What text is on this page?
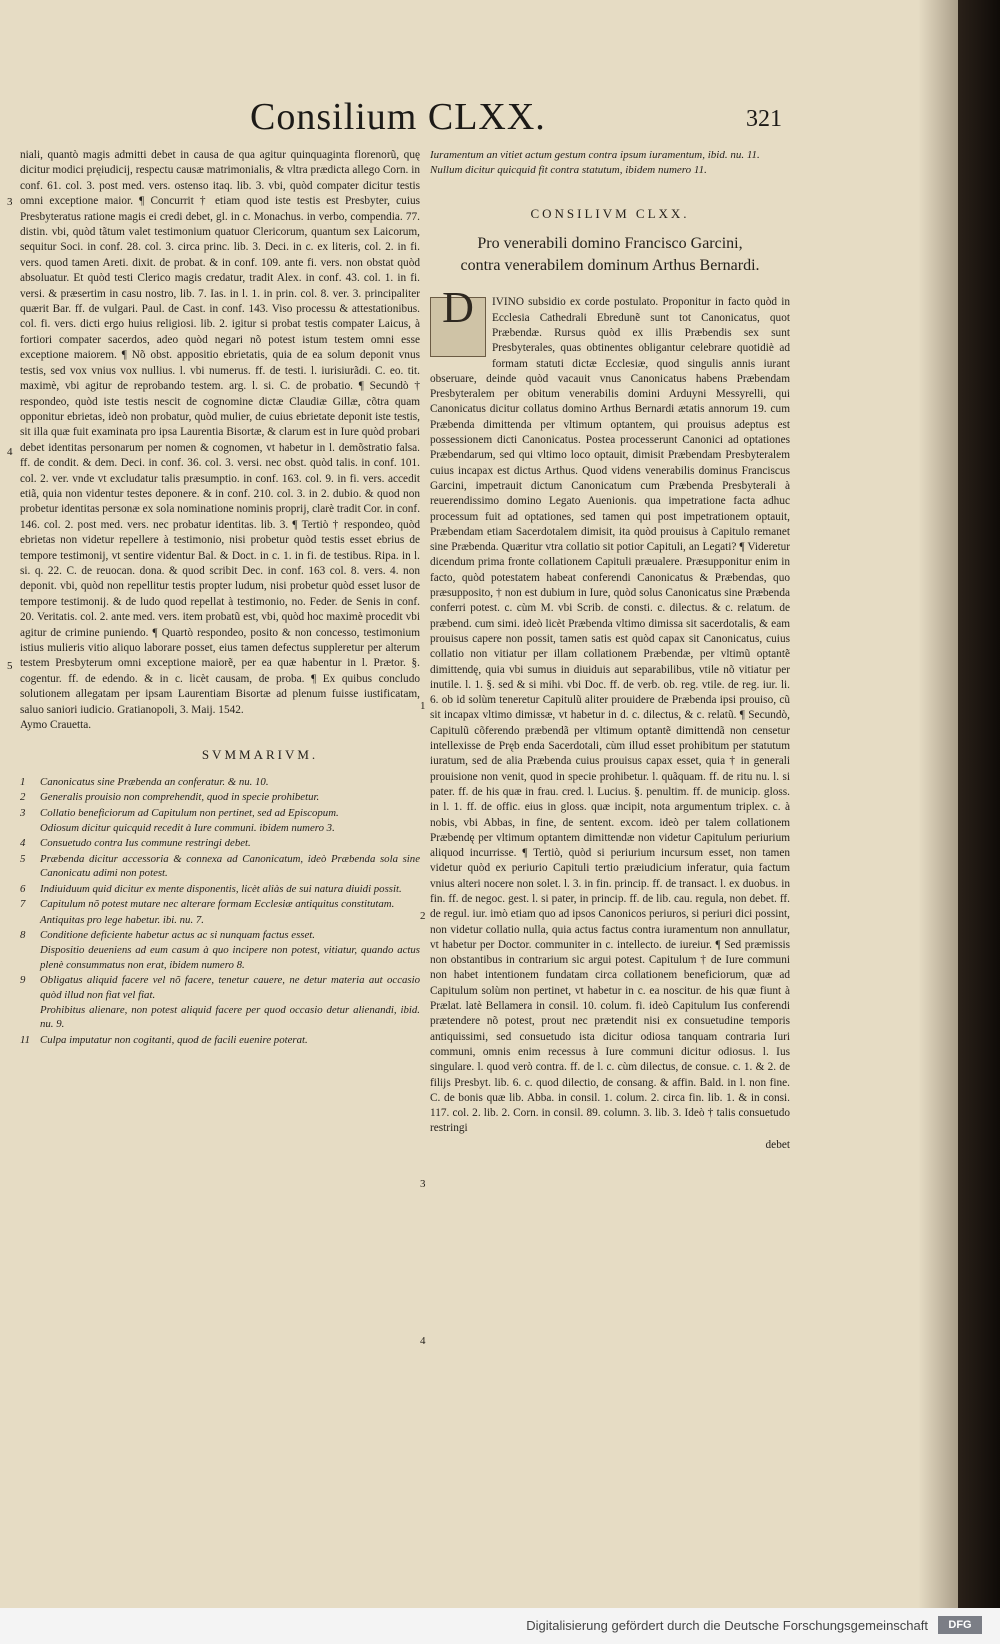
Consilium CLXX.	321

niali, quantò magis admitti debet in causa de qua agitur quinquaginta florenorũ, quę dicitur modici pręiudicij, respectu causæ matrimonialis, & vltra prædicta allego Corn. in conf. 61. col. 3. post med. vers. ostenso itaq. lib. 3. vbi, quòd compater dicitur testis omni exceptione maior. ¶ Concurrit † etiam quod iste testis est Presbyter, cuius Presbyteratus ratione magis ei credi debet, gl. in c. Monachus. in verbo, compendia. 77. distin. vbi, quòd tãtum valet testimonium quatuor Clericorum, quantum sex Laicorum, sequitur Soci. in conf. 28. col. 3. circa princ. lib. 3. Deci. in c. ex literis, col. 2. in fi. vers. quod tamen Areti. dixit. de probat. & in conf. 109. ante fi. vers. non obstat quòd absoluatur. Et quòd testi Clerico magis credatur, tradit Alex. in conf. 43. col. 1. in fi. versi. & præsertim in casu nostro, lib. 7. Ias. in l. 1. in prin. col. 8. ver. 3. principaliter quærit Bar. ff. de vulgari. Paul. de Cast. in conf. 143. Viso processu & attestationibus. col. fi. vers. dicti ergo huius religiosi. lib. 2. igitur si probat testis compater Laicus, à fortiori compater sacerdos, adeo quòd negari nõ potest istum testem omni esse exceptione maiorem. ¶ Nõ obst. appositio ebrietatis, quia de ea solum deponit vnus testis, sed vox vnius vox nullius. l. vbi numerus. ff. de testi. l. iurisiurãdi. C. eo. tit. maximè, vbi agitur de reprobando testem. arg. l. si. C. de probatio. ¶ Secundò † respondeo, quòd iste testis nescit de cognomine dictæ Claudiæ Gillæ, cõtra quam opponitur ebrietas, ideò non probatur, quòd mulier, de cuius ebrietate deponit iste testis, sit illa quæ fuit examinata pro ipsa Laurentia Bisortæ, & clarum est in Iure quòd probari debet identitas personarum per nomen & cognomen, vt habetur in l. demõstratio falsa. ff. de condit. & dem. Deci. in conf. 36. col. 3. versi. nec obst. quòd talis. in conf. 101. col. 2. ver. vnde vt excludatur talis præsumptio. in conf. 163. col. 9. in fi. vers. accedit etiã, quia non videntur testes deponere. & in conf. 210. col. 3. in 2. dubio. & quod non probetur identitas personæ ex sola nominatione nominis proprij, clarè tradit Cor. in conf. 146. col. 2. post med. vers. nec probatur identitas. lib. 3. ¶ Tertiò † respondeo, quòd ebrietas non videtur repellere à testimonio, nisi probetur quòd testis esset ebrius de tempore testimonij, vt sentire videntur Bal. & Doct. in c. 1. in fi. de testibus. Ripa. in l. si. q. 22. C. de reuocan. dona. & quod scribit Dec. in conf. 163 col. 8. vers. 4. non deponit. vbi, quòd non repellitur testis propter ludum, nisi probetur quòd esset lusor de tempore testimonij. & de ludo quod repellat à testimonio, no. Feder. de Senis in conf. 20. Veritatis. col. 2. ante med. vers. item probatũ est, vbi, quòd hoc maximè procedit vbi agitur de crimine puniendo. ¶ Quartò respondeo, posito & non concesso, testimonium istius mulieris vitio aliquo laborare posset, eius tamen defectus suppleretur per alterum testem Presbyterum omni exceptione maiorẽ, per ea quæ habentur in l. Prætor. §. cogentur. ff. de edendo. & in c. licèt causam, de proba. ¶ Ex quibus concludo solutionem allegatam per ipsam Laurentiam Bisortæ ad plenum fuisse iustificatam, saluo saniori iudicio. Gratianopoli, 3. Maij. 1542.

Aymo Crauetta.

SVMMARIVM.
1 Canonicatus sine Præbenda an conferatur. & nu. 10.
2 Generalis prouisio non comprehendit, quod in specie prohibetur.
3 Collatio beneficiorum ad Capitulum non pertinet, sed ad Episcopum.
Odiosum dicitur quicquid recedit à Iure communi. ibidem numero 3.
4 Consuetudo contra Ius commune restringi debet.
5 Præbenda dicitur accessoria & connexa ad Canonicatum, ideò Præbenda sola sine Canonicatu adimi non potest.
6 Indiuiduum quid dicitur ex mente disponentis, licèt aliàs de sui natura diuidi possit.
7 Capitulum nõ potest mutare nec alterare formam Ecclesiæ antiquitus constitutam.
Antiquitas pro lege habetur. ibi. nu. 7.
8 Conditione deficiente habetur actus ac si nunquam factus esset.
Dispositio deueniens ad eum casum à quo incipere non potest, vitiatur, quando actus plenè consummatus non erat, ibidem numero 8.
9 Obligatus aliquid facere vel nõ facere, tenetur cauere, ne detur materia aut occasio quòd illud non fiat vel fiat.
Prohibitus alienare, non potest aliquid facere per quod occasio detur alienandi, ibid. nu. 9.
11 Culpa imputatur non cogitanti, quod de facili euenire poterat.

Iuramentum an vitiet actum gestum contra ipsum iuramentum, ibid. nu. 11.

Nullum dicitur quicquid fit contra statutum, ibidem numero 11.

CONSILIVM CLXX.
Pro venerabili domino Francisco Garcini,
contra venerabilem dominum Arthus Bernardi.
D	IVINO subsidio ex corde postulato. Proponitur in facto quòd in Ecclesia Cathedrali Ebredunẽ sunt tot Canonicatus, quot Præbendæ. Rursus quòd ex illis Præbendis sex sunt Presbyterales, quas obtinentes obligantur celebrare quotidiè ad formam statuti dictæ Ecclesiæ, quod singulis annis iurant obseruare, deinde quòd vacauit vnus Canonicatus habens Præbendam Presbyteralem per obitum venerabilis domini Arduyni Messyrelli, qui Canonicatus dicitur collatus domino Arthus Bernardi ætatis annorum 19. cum Præbenda dimittenda per vltimum optantem, qui prouisus adeptus est possessionem dicti Canonicatus. Postea processerunt Canonici ad optationes Præbendarum, sed qui vltimo loco optauit, dimisit Præbendam Presbyteralem cuius incapax est dictus Arthus. Quod videns venerabilis dominus Franciscus Garcini, impetrauit dictum Canonicatum cum Præbenda Presbyterali à reuerendissimo domino Legato Auenionis. qua impetratione facta adhuc processum fuit ad optationes, sed tamen qui post impetrationem optauit, Præbendam etiam Sacerdotalem dimisit, ita quòd prouisus à Capitulo remanet sine Præbenda. Quæritur vtra collatio sit potior Capituli, an Legati? ¶ Videretur dicendum prima fronte collationem Capituli præualere. Præsupponitur enim in facto, quòd potestatem habeat conferendi Canonicatus & Præbendas, quo præsupposito, † non est dubium in Iure, quòd solus Canonicatus sine Præbenda conferri potest. c. cùm M. vbi Scrib. de consti. c. dilectus. & c. relatum. de præbend. cum simi. ideò licèt Præbenda vltimo dimissa sit sacerdotalis, & eam prouisus capere non possit, tamen satis est quòd capax sit Canonicatus, cuius collatio non vitiatur per illam collationem Præbendæ, per vltimũ optantẽ dimittendę, quia vbi sumus in diuiduis aut separabilibus, vtile nõ vitiatur per inutile. l. 1. §. sed & si mihi. vbi Doc. ff. de verb. ob. reg. vtile. de reg. iur. li. 6. ob id solùm teneretur Capitulũ aliter prouidere de Præbenda ipsi prouiso, cũ sit incapax vltimo dimissæ, vt habetur in d. c. dilectus, & c. relatũ. ¶ Secundò, Capitulũ cõferendo præbendã per vltimum optantẽ dimittendã non censetur intellexisse de Pręb enda Sacerdotali, cùm illud esset prohibitum per statutum iuratum, sed de alia Præbenda cuius prouisus capax esset, quia † in generali prouisione non venit, quod in specie prohibetur. l. quãquam. ff. de ritu nu. l. si pater. ff. de his quæ in frau. cred. l. Lucius. §. penultim. ff. de municip. gloss. in l. 1. ff. de offic. eius in gloss. quæ incipit, nota argumentum triplex. c. à nobis, vbi Abbas, in fine, de sentent. excom. ideò per talem collationem Præbendę per vltimum optantem dimittendæ non videtur Capitulum periurium aliquod incurrisse. ¶ Tertiò, quòd si periurium incursum esset, non tamen videtur quòd ex periurio Capituli tertio præiudicium inferatur, quia factum vnius alteri nocere non solet. l. 3. in fin. princip. ff. de transact. l. ex duobus. in fin. ff. de negoc. gest. l. si pater, in princip. ff. de lib. cau. regula, non debet. ff. de regul. iur. imò etiam quo ad ipsos Canonicos periuros, si periuri dici possint, non videtur collatio nulla, quia actus factus contra iuramentum non annullatur, vt habetur per Doctor. communiter in c. intellecto. de iureiur. ¶ Sed præmissis non obstantibus in contrarium sic argui potest. Capitulum † de Iure communi non habet intentionem fundatam circa collationem beneficiorum, quæ ad Capitulum solùm non pertinet, vt habetur in c. ea noscitur. de his quæ fiunt à Prælat. latè Bellamera in consil. 10. colum. fi. ideò Capitulum Ius conferendi prætendere nõ potest, prout nec prætendit nisi ex consuetudine temporis antiquissimi, sed consuetudo ista dicitur odiosa tanquam contraria Iuri communi, omnis enim recessus à Iure communi dicitur odiosus. l. Ius singulare. l. quod verò contra. ff. de l. c. cùm dilectus, de consue. c. 1. & 2. de filijs Presbyt. lib. 6. c. quod dilectio, de consang. & affin. Bald. in l. non fine. C. de bonis quæ lib. Abba. in consil. 1. colum. 2. circa fin. lib. 1. & in consi. 117. col. 2. lib. 2. Corn. in consil. 89. column. 3. lib. 3. Ideò † talis consuetudo restringi
debet
3
4
5
1
2
3
4
Digitalisierung gefördert durch die Deutsche Forschungsgemeinschaft	DFG
